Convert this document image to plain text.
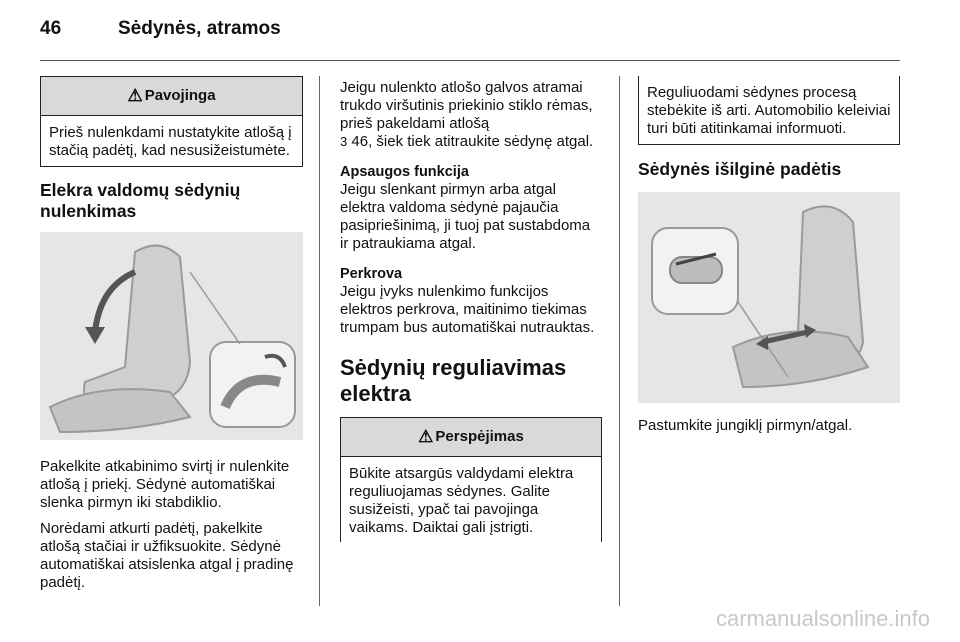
46	Sėdynės, atramos
⚠ Pavojinga
Prieš nulenkdami nustatykite atlošą į stačią padėtį, kad nesusižeistumėte.
Elekra valdomų sėdynių nulenkimas

Pakelkite atkabinimo svirtį ir nulenkite atlošą į priekį. Sėdynė automatiškai slenka pirmyn iki stabdiklio.

Norėdami atkurti padėtį, pakelkite atlošą stačiai ir užfiksuokite. Sėdynė automatiškai atsislenka atgal į pradinę padėtį.

Jeigu nulenkto atlošo galvos atramai trukdo viršutinis priekinio stiklo rėmas, prieš pakeldami atlošą
3 46, šiek tiek atitraukite sėdynę atgal.

Apsaugos funkcija

Jeigu slenkant pirmyn arba atgal elektra valdoma sėdynė pajaučia pasipriešinimą, ji tuoj pat sustabdoma ir patraukiama atgal.

Perkrova

Jeigu įvyks nulenkimo funkcijos elektros perkrova, maitinimo tiekimas trumpam bus automatiškai nutrauktas.

Sėdynių reguliavimas elektra
⚠ Perspėjimas
Būkite atsargūs valdydami elektra reguliuojamas sėdynes. Galite susižeisti, ypač tai pavojinga vaikams. Daiktai gali įstrigti.
Reguliuodami sėdynes procesą stebėkite iš arti. Automobilio keleiviai turi būti atitinkamai informuoti.
Sėdynės išilginė padėtis

Pastumkite jungiklį pirmyn/atgal.

carmanualsonline.info
